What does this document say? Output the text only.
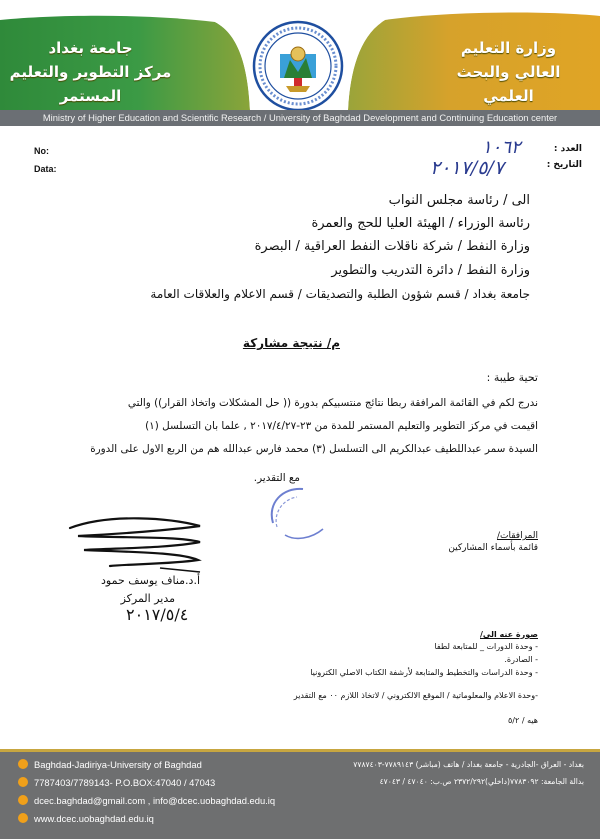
جامعة بغداد
مركز التطوير والتعليم المستمر
وزارة التعليم
العالي والبحث العلمي
Ministry of Higher Education and Scientific Research / University of Baghdad Development and Continuing Education center
No:
Data:
العدد :
التاريخ :
١٠٦٢
٢٠١٧/٥/٧
الى / رئاسة مجلس النواب
رئاسة الوزراء / الهيئة العليا للحج والعمرة
وزارة النفط / شركة ناقلات النفط العراقية / البصرة
وزارة النفط / دائرة التدريب والتطوير
جامعة بغداد / قسم شؤون الطلبة والتصديقات / قسم الاعلام والعلاقات العامة
م/ نتيجة مشاركة
تحية طيبة :
ندرج لكم في القائمة المرافقة ربطا نتائج منتسبيكم بدورة (( حل المشكلات واتخاذ القرار)) والتي
اقيمت في مركز التطوير والتعليم المستمر للمدة من ٢٣-٢٠١٧/٤/٢٧ , علما بان التسلسل (١)
السيدة سمر عبداللطيف عبدالكريم الى التسلسل (٣) محمد فارس عبدالله هم من الربع الاول على الدورة
مع التقدير.
المرافقات/
قائمة بأسماء المشاركين
أ.د.مناف يوسف حمود
مدير المركز
٢٠١٧/٥/٤
صورة عنه الى/
- وحدة الدورات _ للمتابعة لطفا
- الصادرة.
- وحدة الدراسات والتخطيط والمتابعة لأرشفة الكتاب الاصلي الكترونيا
-وحدة الاعلام والمعلوماتية / الموقع الالكتروني / لاتخاذ اللازم ٠٠ مع التقدير
هيه / ٥/٢
Baghdad-Jadiriya-University of Baghdad
7787403/7789143- P.O.BOX:47040 / 47043
dcec.baghdad@gmail.com , info@dcec.uobaghdad.edu.iq
www.dcec.uobaghdad.edu.iq
بغداد - العراق -الجادرية - جامعة بغداد / هاتف (مباشر) ٧٧٨٩١٤٣-٧٧٨٧٤٠٣
بدالة الجامعة: ٧٧٨٣٠٩٢(داخلي)٢٣٧٢/٢٩٢ ص.ب: ٤٧٠٤٠ / ٤٧٠٤٣
